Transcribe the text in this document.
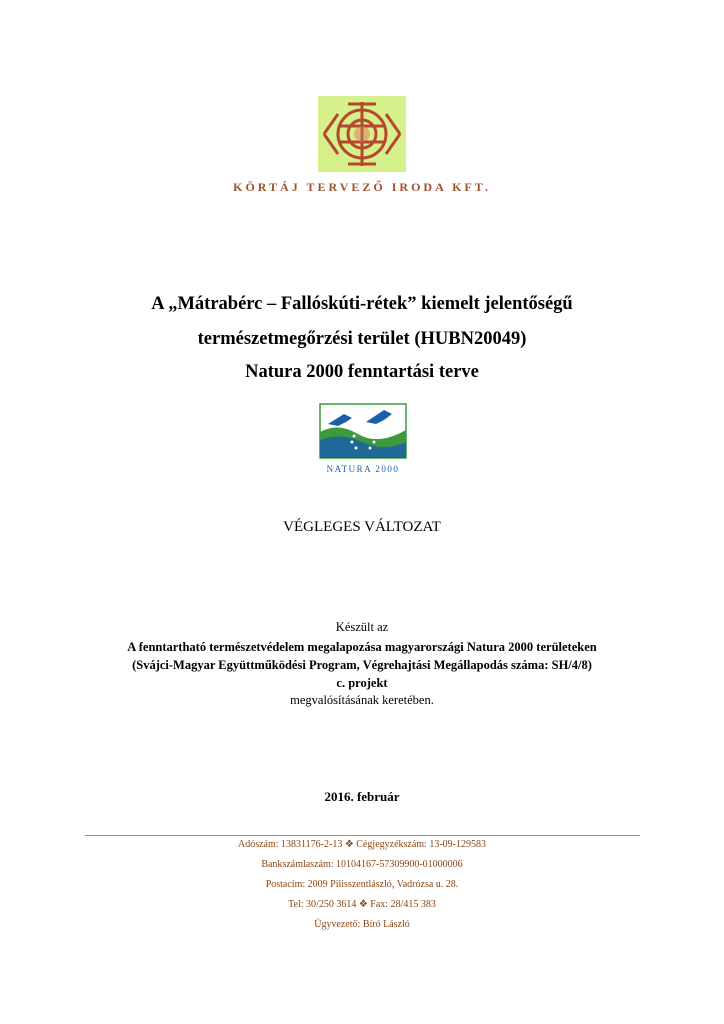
KÖRTÁJ TERVEZŐ IRODA KFT.
A „Mátrabérc – Fallóskúti-rétek” kiemelt jelentőségű
természetmegőrzési terület (HUBN20049)
Natura 2000 fenntartási terve
NATURA 2000
VÉGLEGES VÁLTOZAT
Készült az
A fenntartható természetvédelem megalapozása magyarországi Natura 2000 területeken
(Svájci-Magyar Együttműködési Program, Végrehajtási Megállapodás száma: SH/4/8)
c. projekt
megvalósításának keretében.
2016. február
Adószám: 13831176-2-13 ❖ Cégjegyzékszám: 13-09-129583
Bankszámlaszám: 10104167-57309900-01000006
Postacím: 2009 Pilisszentlászló, Vadrózsa u. 28.
Tel: 30/250 3614 ❖ Fax: 28/415 383
Ügyvezető: Bíró László
